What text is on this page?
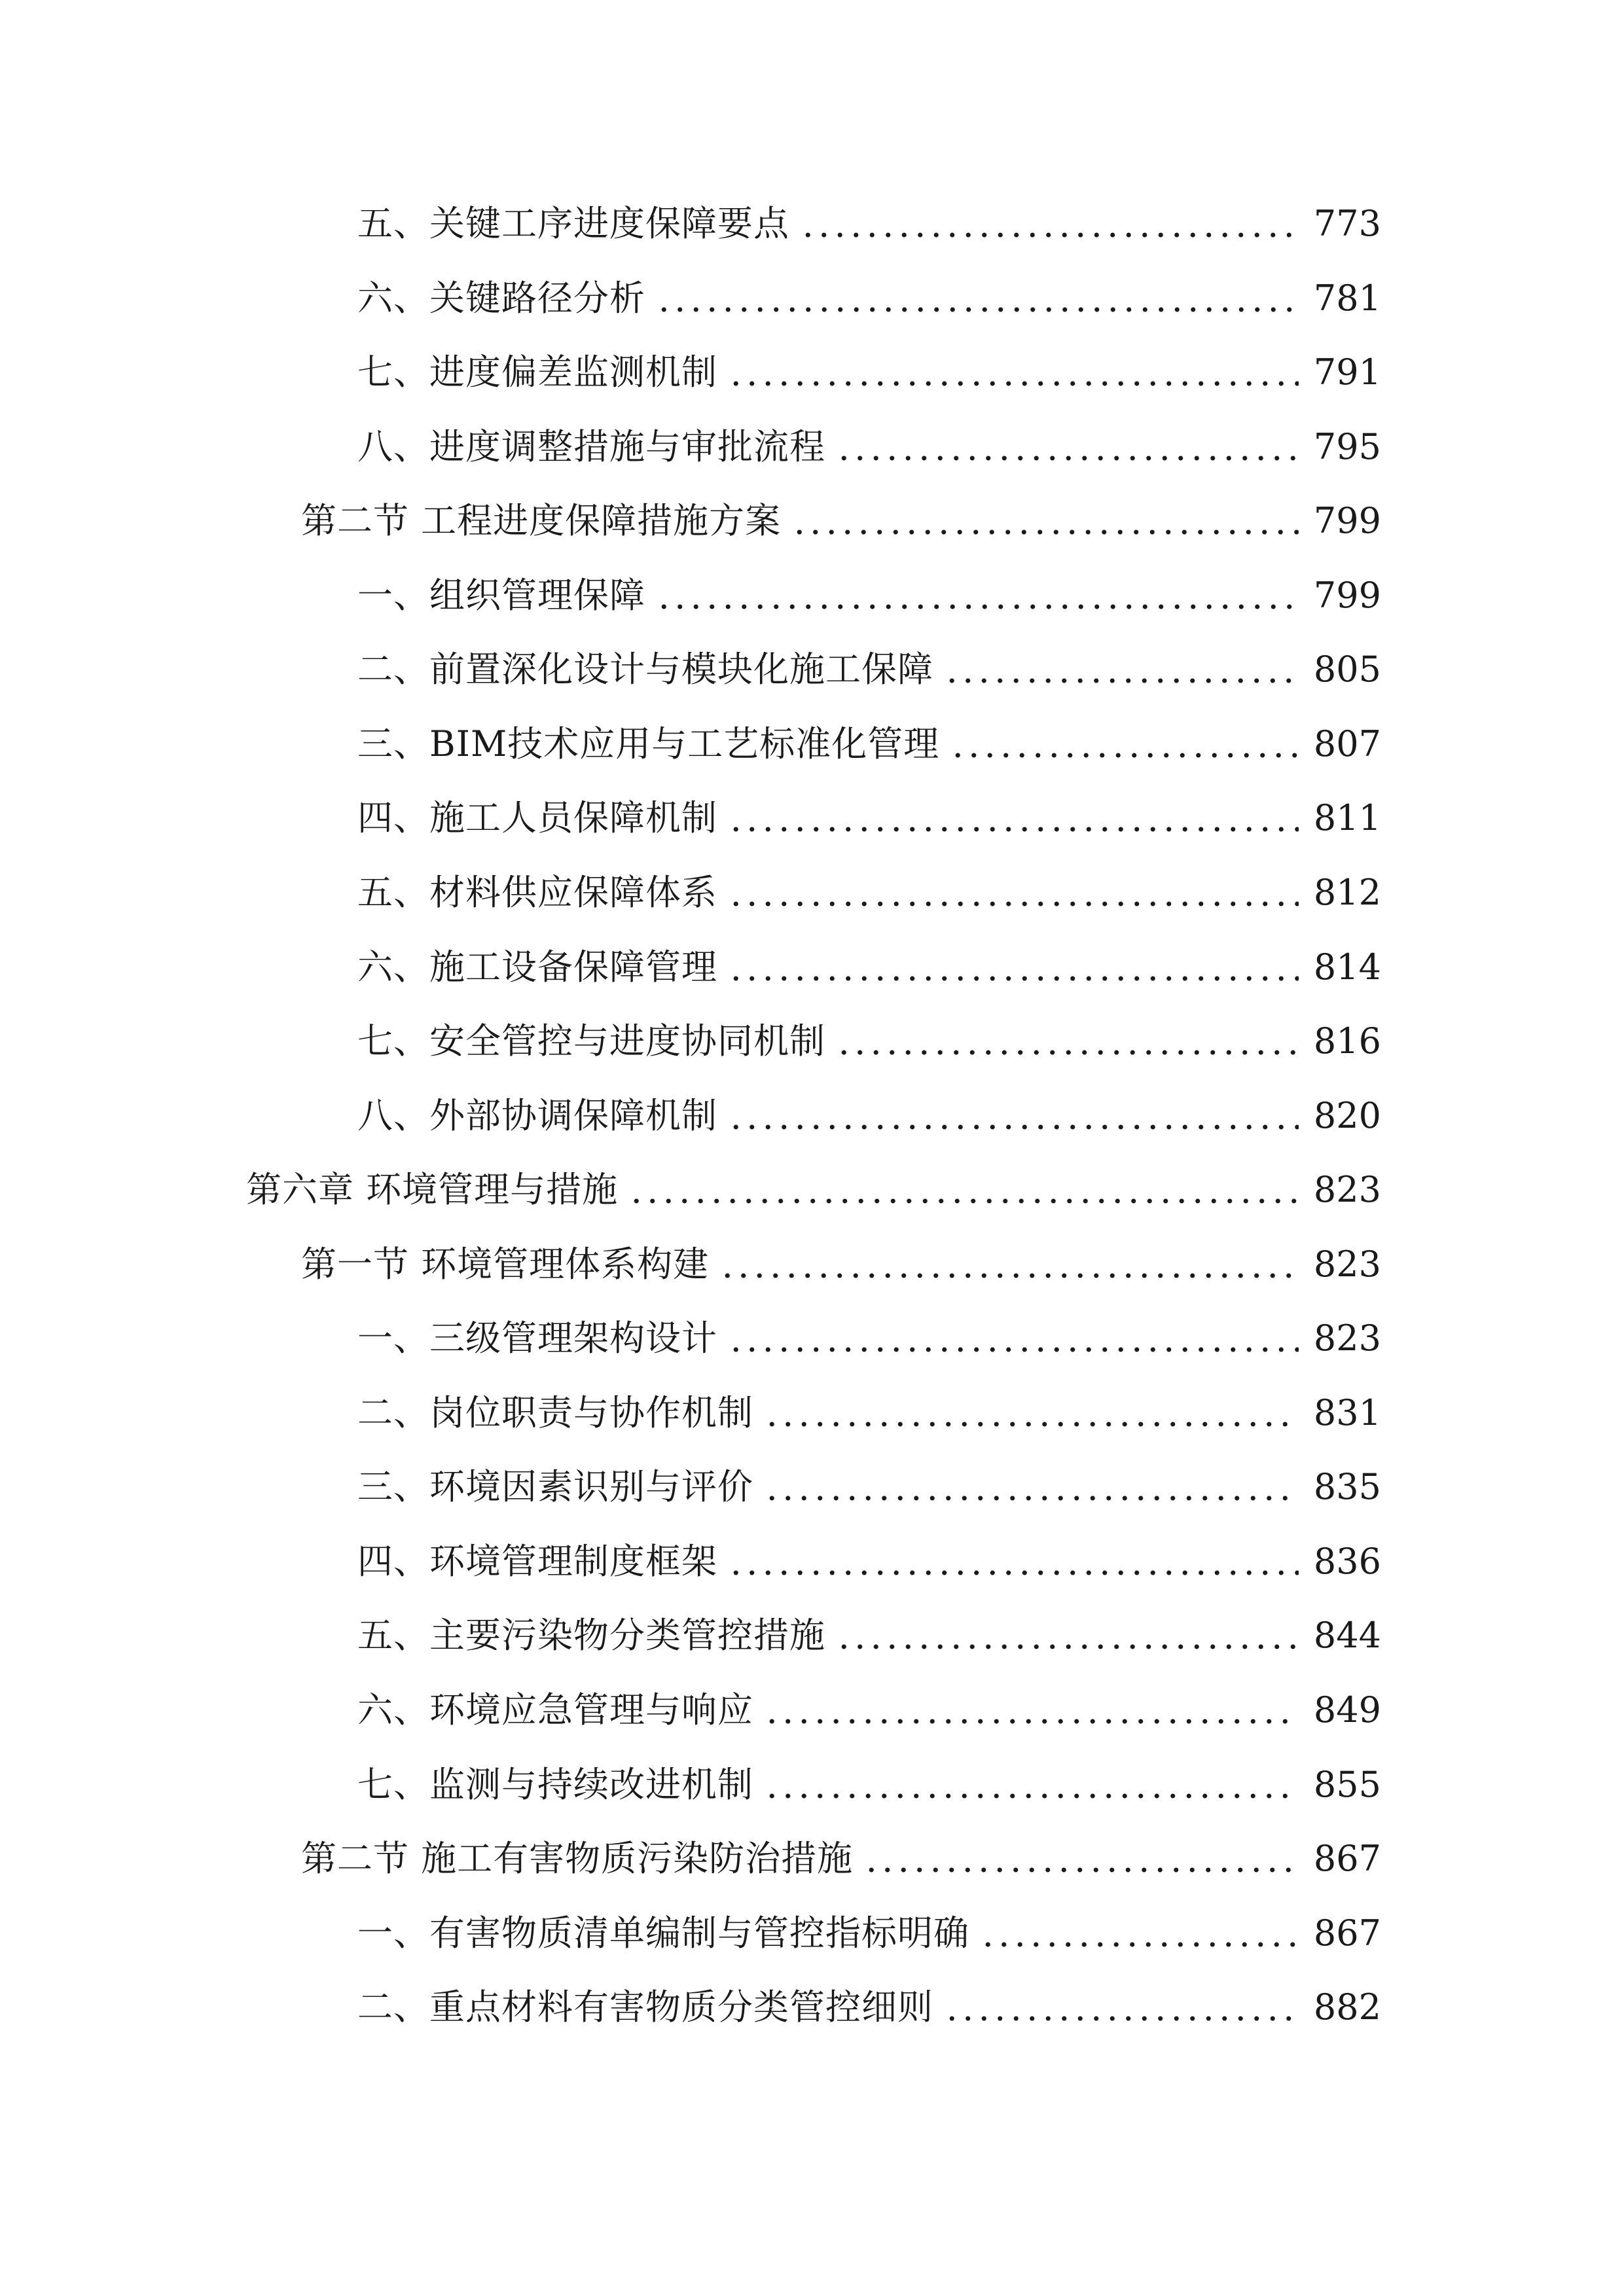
五、关键工序进度保障要点	773
六、关键路径分析	781
七、进度偏差监测机制	791
八、进度调整措施与审批流程	795
第二节 工程进度保障措施方案	799
一、组织管理保障	799
二、前置深化设计与模块化施工保障	805
三、BIM技术应用与工艺标准化管理	807
四、施工人员保障机制	811
五、材料供应保障体系	812
六、施工设备保障管理	814
七、安全管控与进度协同机制	816
八、外部协调保障机制	820
第六章 环境管理与措施	823
第一节 环境管理体系构建	823
一、三级管理架构设计	823
二、岗位职责与协作机制	831
三、环境因素识别与评价	835
四、环境管理制度框架	836
五、主要污染物分类管控措施	844
六、环境应急管理与响应	849
七、监测与持续改进机制	855
第二节 施工有害物质污染防治措施	867
一、有害物质清单编制与管控指标明确	867
二、重点材料有害物质分类管控细则	882
